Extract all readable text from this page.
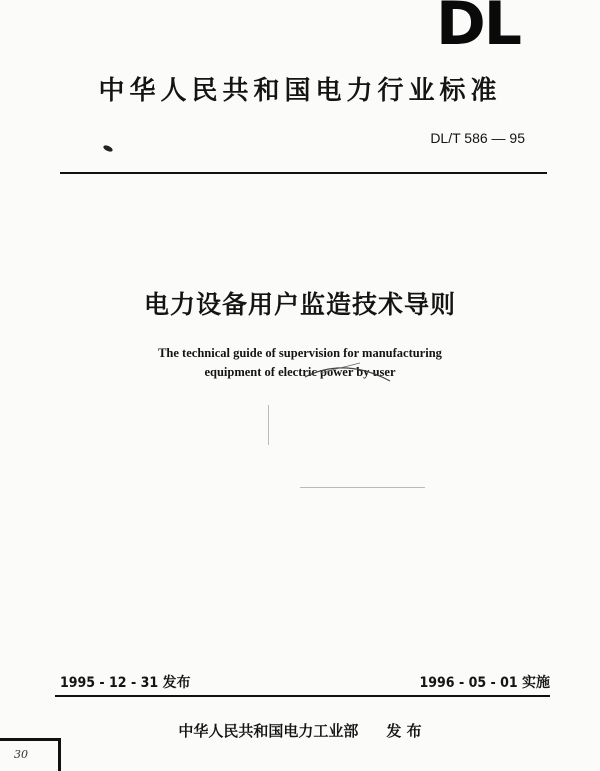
DL
中华人民共和国电力行业标准
DL/T 586 — 95
电力设备用户监造技术导则
The technical guide of supervision for manufacturing
equipment of electric power by user
1995 - 12 - 31 发布	1996 - 05 - 01 实施
中华人民共和国电力工业部 发 布
30
